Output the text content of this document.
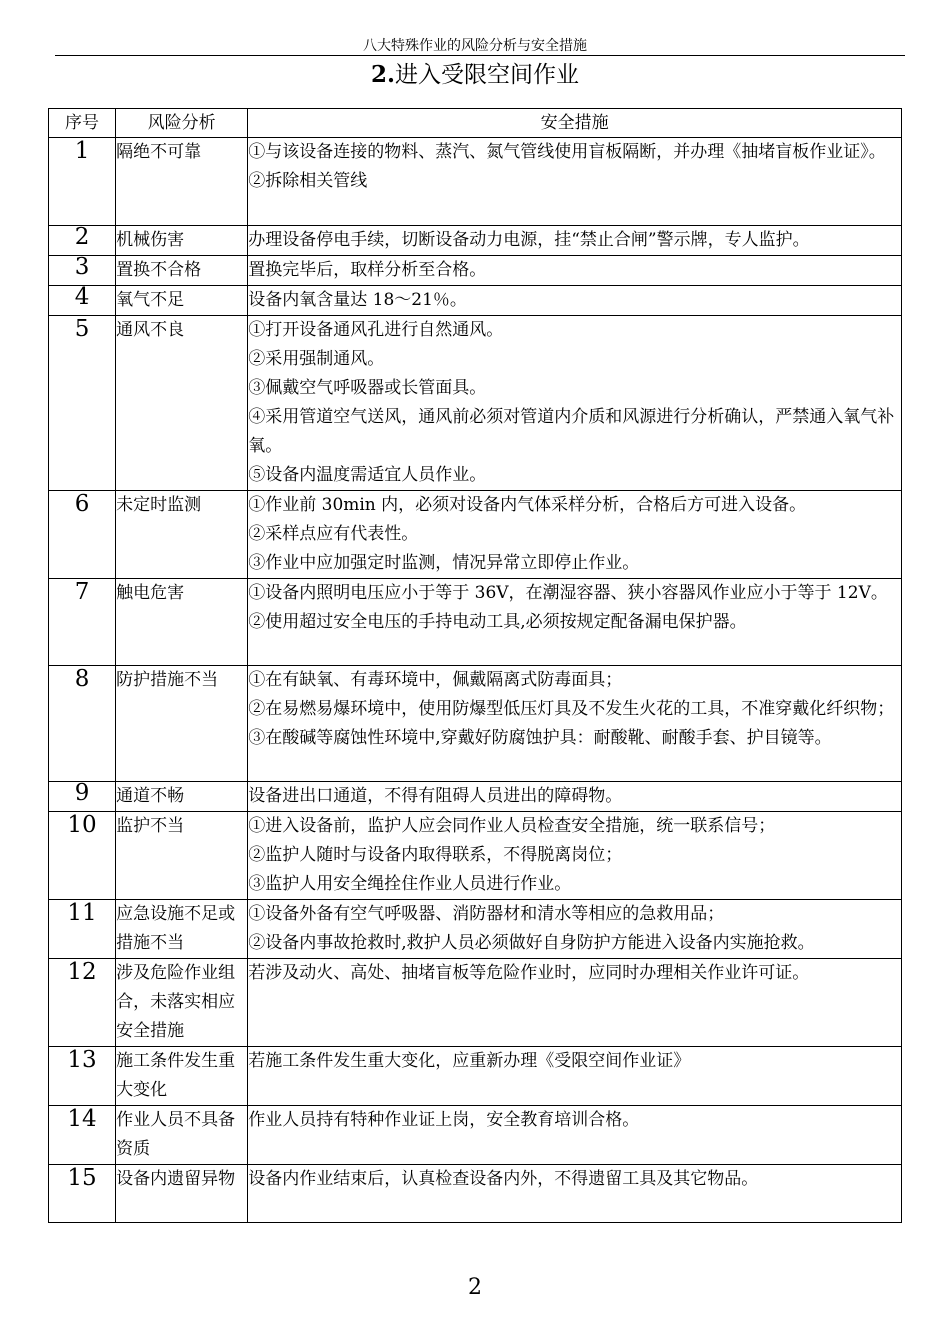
八大特殊作业的风险分析与安全措施
2.进入受限空间作业
序号	风险分析	安全措施
1	隔绝不可靠	①与该设备连接的物料、蒸汽、氮气管线使用盲板隔断，并办理《抽堵盲板作业证》。
②拆除相关管线

2	机械伤害	办理设备停电手续，切断设备动力电源，挂“禁止合闸”警示牌，专人监护。

3	置换不合格	置换完毕后，取样分析至合格。

4	氧气不足	设备内氧含量达 18～21％。

5	通风不良	①打开设备通风孔进行自然通风。
②采用强制通风。
③佩戴空气呼吸器或长管面具。
④采用管道空气送风，通风前必须对管道内介质和风源进行分析确认，严禁通入氧气补氧。
⑤设备内温度需适宜人员作业。

6	未定时监测	①作业前 30min 内，必须对设备内气体采样分析，合格后方可进入设备。
②采样点应有代表性。
③作业中应加强定时监测，情况异常立即停止作业。

7	触电危害	①设备内照明电压应小于等于 36V，在潮湿容器、狭小容器风作业应小于等于 12V。
②使用超过安全电压的手持电动工具,必须按规定配备漏电保护器。

8	防护措施不当	①在有缺氧、有毒环境中，佩戴隔离式防毒面具；
②在易燃易爆环境中，使用防爆型低压灯具及不发生火花的工具，不准穿戴化纤织物；
③在酸碱等腐蚀性环境中,穿戴好防腐蚀护具：耐酸靴、耐酸手套、护目镜等。

9	通道不畅	设备进出口通道，不得有阻碍人员进出的障碍物。

10	监护不当	①进入设备前，监护人应会同作业人员检查安全措施，统一联系信号；
②监护人随时与设备内取得联系，不得脱离岗位；
③监护人用安全绳拴住作业人员进行作业。

11	应急设施不足或措施不当	①设备外备有空气呼吸器、消防器材和清水等相应的急救用品；
②设备内事故抢救时,救护人员必须做好自身防护方能进入设备内实施抢救。

12	涉及危险作业组合，未落实相应安全措施	若涉及动火、高处、抽堵盲板等危险作业时，应同时办理相关作业许可证。

13	施工条件发生重大变化	若施工条件发生重大变化，应重新办理《受限空间作业证》

14	作业人员不具备资质	作业人员持有特种作业证上岗，安全教育培训合格。

15	设备内遗留异物	设备内作业结束后，认真检查设备内外，不得遗留工具及其它物品。
2
